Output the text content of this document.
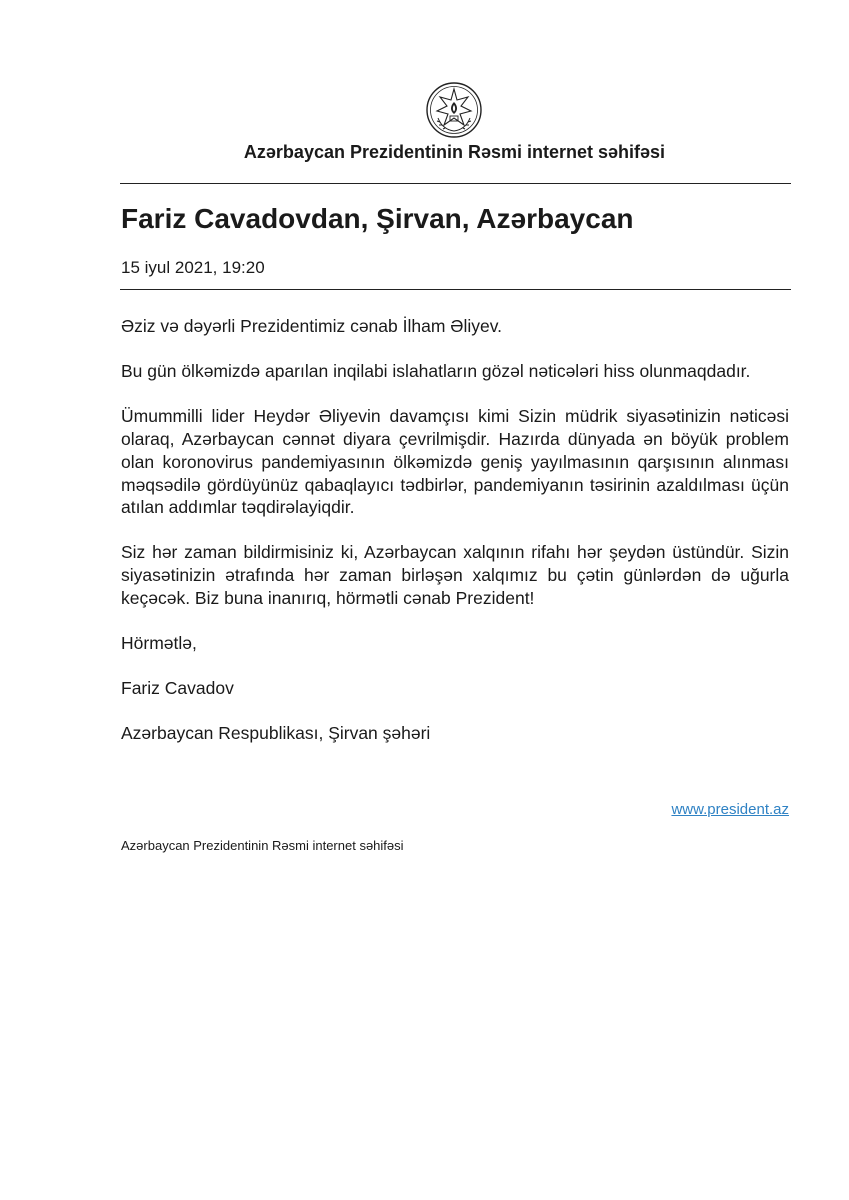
Azərbaycan Prezidentinin Rəsmi internet səhifəsi
Fariz Cavadovdan, Şirvan, Azərbaycan
15 iyul 2021, 19:20

Əziz və dəyərli Prezidentimiz cənab İlham Əliyev.

Bu gün ölkəmizdə aparılan inqilabi islahatların gözəl nəticələri hiss olunmaqdadır.

Ümummilli lider Heydər Əliyevin davamçısı kimi Sizin müdrik siyasətinizin nəticəsi olaraq, Azərbaycan cənnət diyara çevrilmişdir. Hazırda dünyada ən böyük problem olan koronovirus pandemiyasının ölkəmizdə geniş yayılmasının qarşısının alınması məqsədilə gördüyünüz qabaqlayıcı tədbirlər, pandemiyanın təsirinin azaldılması üçün atılan addımlar təqdirəlayiqdir.

Siz hər zaman bildirmisiniz ki, Azərbaycan xalqının rifahı hər şeydən üstündür. Sizin siyasətinizin ətrafında hər zaman birləşən xalqımız bu çətin günlərdən də uğurla keçəcək. Biz buna inanırıq, hörmətli cənab Prezident!

Hörmətlə,

Fariz Cavadov

Azərbaycan Respublikası, Şirvan şəhəri

www.president.az
Azərbaycan Prezidentinin Rəsmi internet səhifəsi
